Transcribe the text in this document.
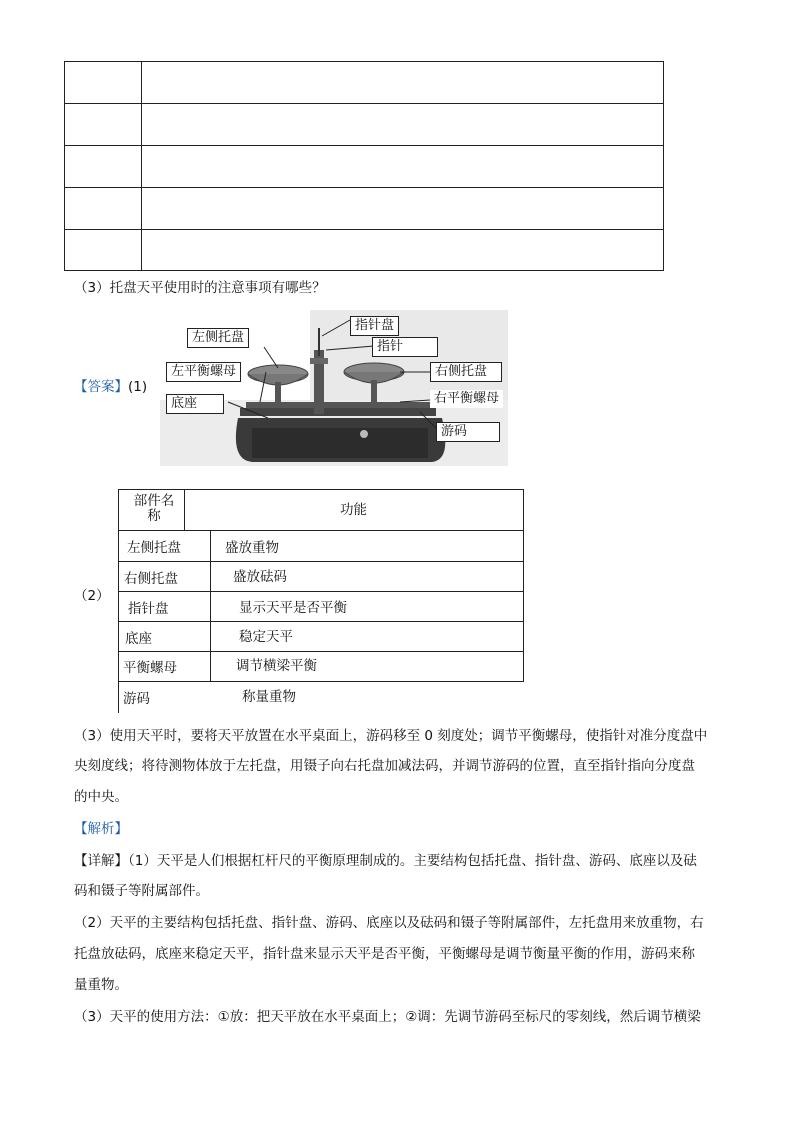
（3）托盘天平使用时的注意事项有哪些？
【答案】(1)
左侧托盘
指针盘
指针
左平衡螺母	右侧托盘
底座	右平衡螺母
游码
（2）
部件名称	功能
左侧托盘	盛放重物
右侧托盘	盛放砝码
指针盘	显示天平是否平衡
底座	稳定天平
平衡螺母	调节横梁平衡
游码	称量重物
（3）使用天平时，要将天平放置在水平桌面上，游码移至 0 刻度处；调节平衡螺母，使指针对准分度盘中
央刻度线；将待测物体放于左托盘，用镊子向右托盘加减法码，并调节游码的位置，直至指针指向分度盘
的中央。
【解析】
【详解】（1）天平是人们根据杠杆尺的平衡原理制成的。主要结构包括托盘、指针盘、游码、底座以及砝
码和镊子等附属部件。
（2）天平的主要结构包括托盘、指针盘、游码、底座以及砝码和镊子等附属部件，左托盘用来放重物，右
托盘放砝码，底座来稳定天平，指针盘来显示天平是否平衡，平衡螺母是调节衡量平衡的作用，游码来称
量重物。
（3）天平的使用方法：①放：把天平放在水平桌面上；②调：先调节游码至标尺的零刻线，然后调节横梁
